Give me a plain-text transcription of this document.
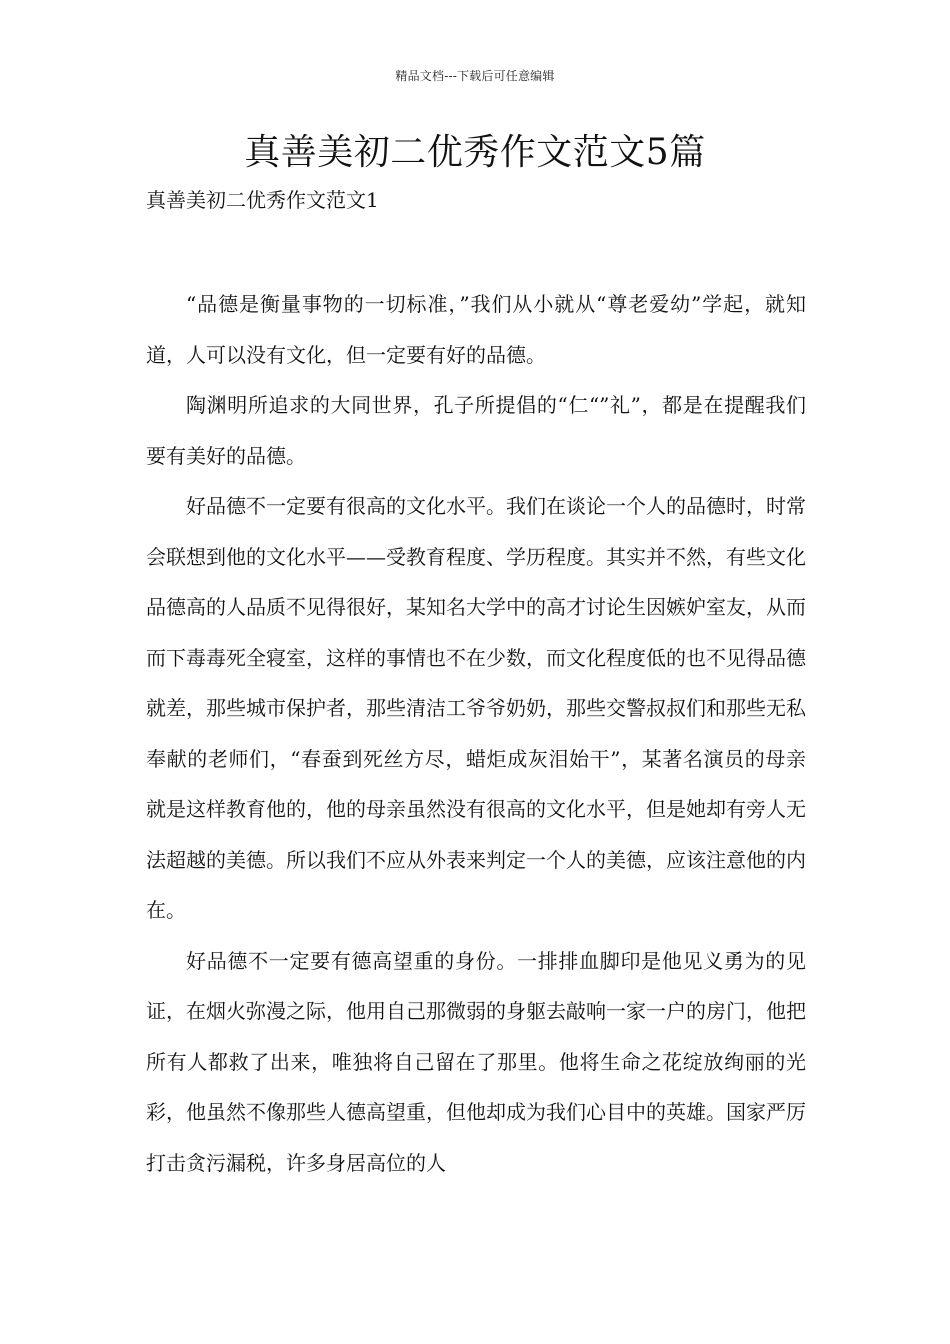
精品文档---下载后可任意编辑
真善美初二优秀作文范文5篇
真善美初二优秀作文范文1

“品德是衡量事物的一切标准，”我们从小就从“尊老爱幼”学起，就知道，人可以没有文化，但一定要有好的品德。

陶渊明所追求的大同世界，孔子所提倡的“仁“”礼”，都是在提醒我们要有美好的品德。

好品德不一定要有很高的文化水平。我们在谈论一个人的品德时，时常会联想到他的文化水平——受教育程度、学历程度。其实并不然，有些文化品德高的人品质不见得很好，某知名大学中的高才讨论生因嫉妒室友，从而而下毒毒死全寝室，这样的事情也不在少数，而文化程度低的也不见得品德就差，那些城市保护者，那些清洁工爷爷奶奶，那些交警叔叔们和那些无私奉献的老师们，“春蚕到死丝方尽，蜡炬成灰泪始干”，某著名演员的母亲就是这样教育他的，他的母亲虽然没有很高的文化水平，但是她却有旁人无法超越的美德。所以我们不应从外表来判定一个人的美德，应该注意他的内在。

好品德不一定要有德高望重的身份。一排排血脚印是他见义勇为的见证，在烟火弥漫之际，他用自己那微弱的身躯去敲响一家一户的房门，他把所有人都救了出来，唯独将自己留在了那里。他将生命之花绽放绚丽的光彩，他虽然不像那些人德高望重，但他却成为我们心目中的英雄。国家严厉打击贪污漏税，许多身居高位的人
